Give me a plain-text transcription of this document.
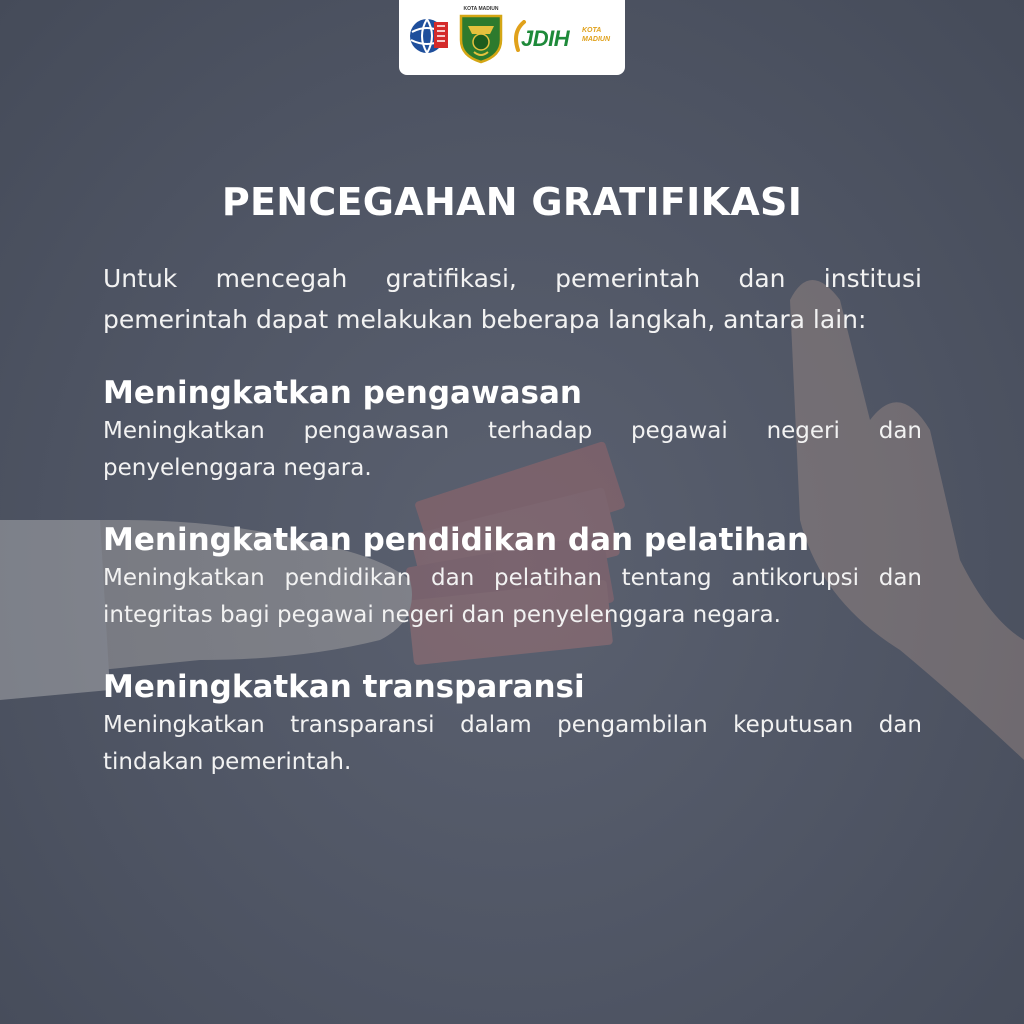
KOTA MADIUN
JDIH KOTA MADIUN
PENCEGAHAN GRATIFIKASI

Untuk mencegah gratifikasi, pemerintah dan institusi pemerintah dapat melakukan beberapa langkah, antara lain:

Meningkatkan pengawasan

Meningkatkan pengawasan terhadap pegawai negeri dan penyelenggara negara.

Meningkatkan pendidikan dan pelatihan

Meningkatkan pendidikan dan pelatihan tentang antikorupsi dan integritas bagi pegawai negeri dan penyelenggara negara.

Meningkatkan transparansi

Meningkatkan transparansi dalam pengambilan keputusan dan tindakan pemerintah.
